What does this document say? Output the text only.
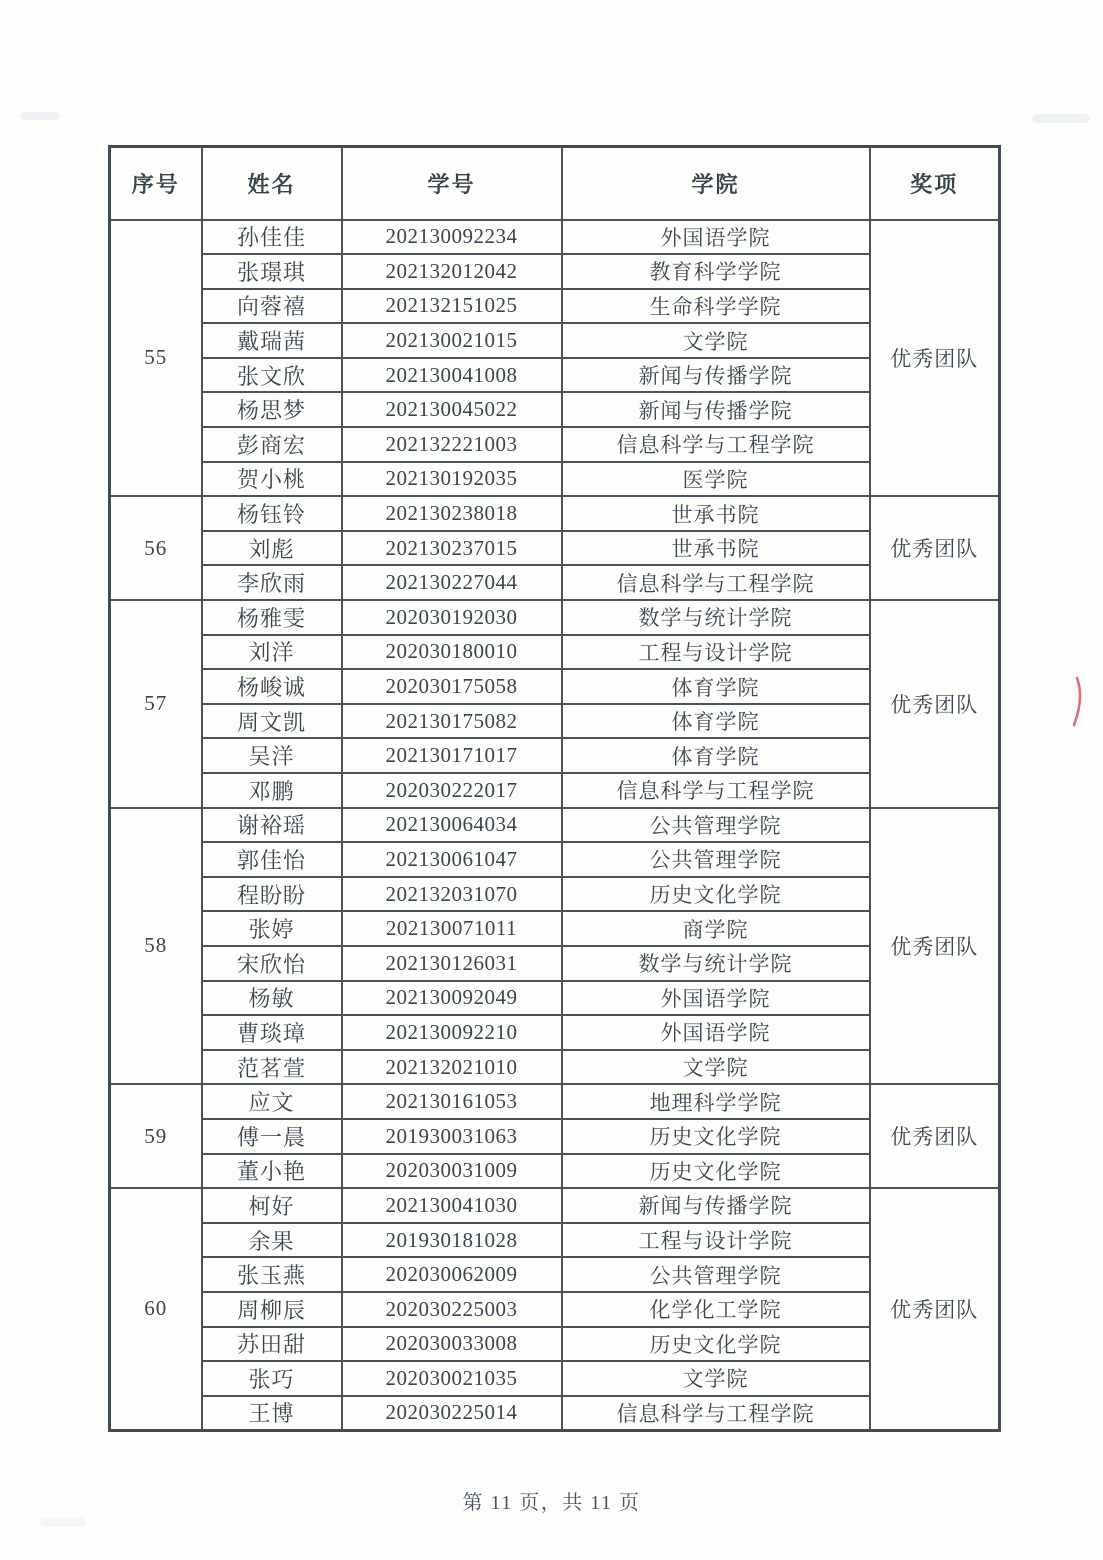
序号	姓名	学号	学院	奖项
55	孙佳佳	202130092234	外国语学院	优秀团队
	张璟琪	202132012042	教育科学学院	
	向蓉禧	202132151025	生命科学学院	
	戴瑞茜	202130021015	文学院	
	张文欣	202130041008	新闻与传播学院	
	杨思梦	202130045022	新闻与传播学院	
	彭商宏	202132221003	信息科学与工程学院	
	贺小桃	202130192035	医学院	
56	杨钰铃	202130238018	世承书院	优秀团队
	刘彪	202130237015	世承书院	
	李欣雨	202130227044	信息科学与工程学院	
57	杨雅雯	202030192030	数学与统计学院	优秀团队
	刘洋	202030180010	工程与设计学院	
	杨峻诚	202030175058	体育学院	
	周文凯	202130175082	体育学院	
	吴洋	202130171017	体育学院	
	邓鹏	202030222017	信息科学与工程学院	
58	谢裕瑶	202130064034	公共管理学院	优秀团队
	郭佳怡	202130061047	公共管理学院	
	程盼盼	202132031070	历史文化学院	
	张婷	202130071011	商学院	
	宋欣怡	202130126031	数学与统计学院	
	杨敏	202130092049	外国语学院	
	曹琰璋	202130092210	外国语学院	
	范茗萱	202132021010	文学院	
59	应文	202130161053	地理科学学院	优秀团队
	傅一晨	201930031063	历史文化学院	
	董小艳	202030031009	历史文化学院	
60	柯好	202130041030	新闻与传播学院	优秀团队
	余果	201930181028	工程与设计学院	
	张玉燕	202030062009	公共管理学院	
	周柳辰	202030225003	化学化工学院	
	苏田甜	202030033008	历史文化学院	
	张巧	202030021035	文学院	
	王博	202030225014	信息科学与工程学院	
第 11 页，共 11 页
